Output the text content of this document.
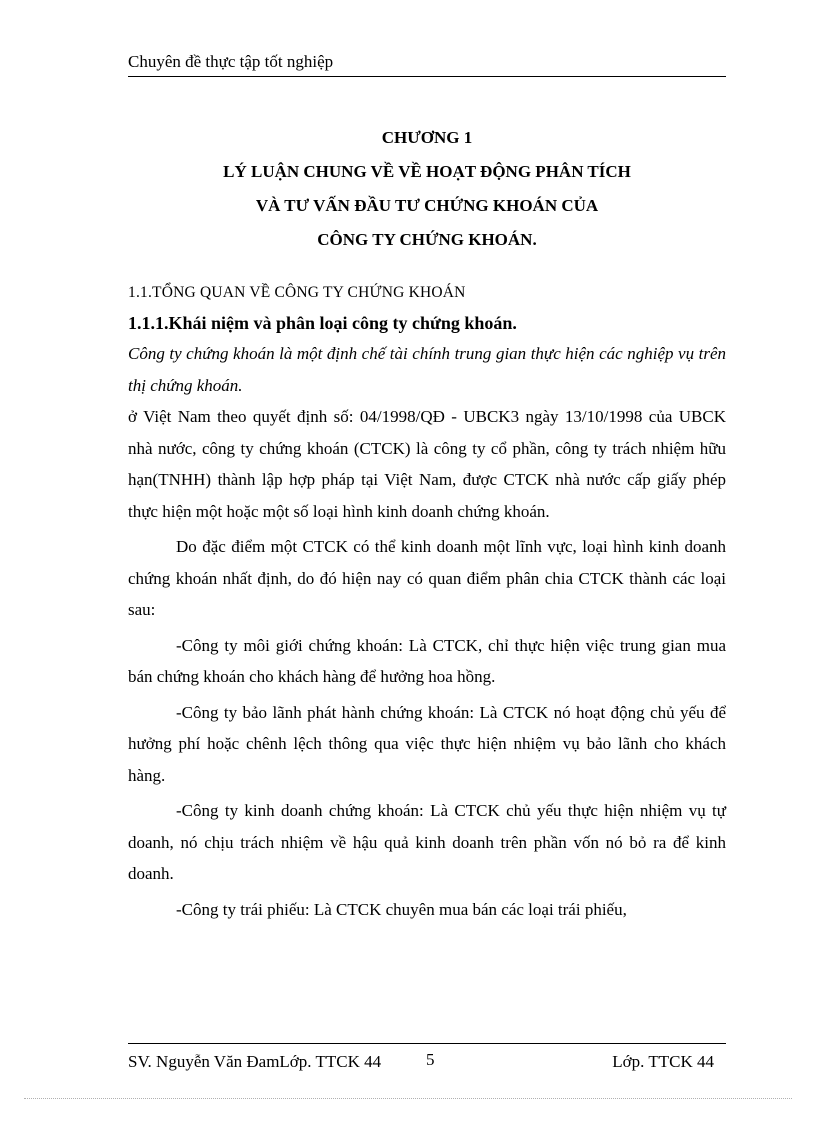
Chuyên đề thực tập tốt nghiệp
CHƯƠNG 1
LÝ LUẬN CHUNG VỀ VỀ HOẠT ĐỘNG PHÂN TÍCH
VÀ TƯ VẤN ĐẦU TƯ CHỨNG KHOÁN CỦA
CÔNG TY CHỨNG KHOÁN.
1.1.TỔNG QUAN VỀ CÔNG TY CHỨNG KHOÁN
1.1.1.Khái niệm và phân loại công ty chứng khoán.

Công ty chứng khoán là một định chế tài chính trung gian thực hiện các nghiệp vụ trên thị chứng khoán.

ở Việt Nam theo quyết định số: 04/1998/QĐ - UBCK3 ngày 13/10/1998 của UBCK nhà nước, công ty chứng khoán (CTCK) là công ty cổ phần, công ty trách nhiệm hữu hạn(TNHH) thành lập hợp pháp tại Việt Nam, được CTCK nhà nước cấp giấy phép thực hiện một hoặc một số loại hình kinh doanh chứng khoán.

Do đặc điểm một CTCK có thể kinh doanh một lĩnh vực, loại hình kinh doanh chứng khoán nhất định, do đó hiện nay có quan điểm phân chia CTCK thành các loại sau:

-Công ty môi giới chứng khoán: Là CTCK, chỉ thực hiện việc trung gian mua bán chứng khoán cho khách hàng để hưởng hoa hồng.

-Công ty bảo lãnh phát hành chứng khoán: Là CTCK nó hoạt động chủ yếu để hưởng phí hoặc chênh lệch thông qua việc thực hiện nhiệm vụ bảo lãnh cho khách hàng.

-Công ty kinh doanh chứng khoán: Là CTCK chủ yếu thực hiện nhiệm vụ tự doanh, nó chịu trách nhiệm về hậu quả kinh doanh trên phần vốn nó bỏ ra để kinh doanh.

-Công ty trái phiếu: Là CTCK chuyên mua bán các loại trái phiếu,

SV. Nguyễn Văn ĐamLớp. TTCK 44	5	Lớp. TTCK 44
